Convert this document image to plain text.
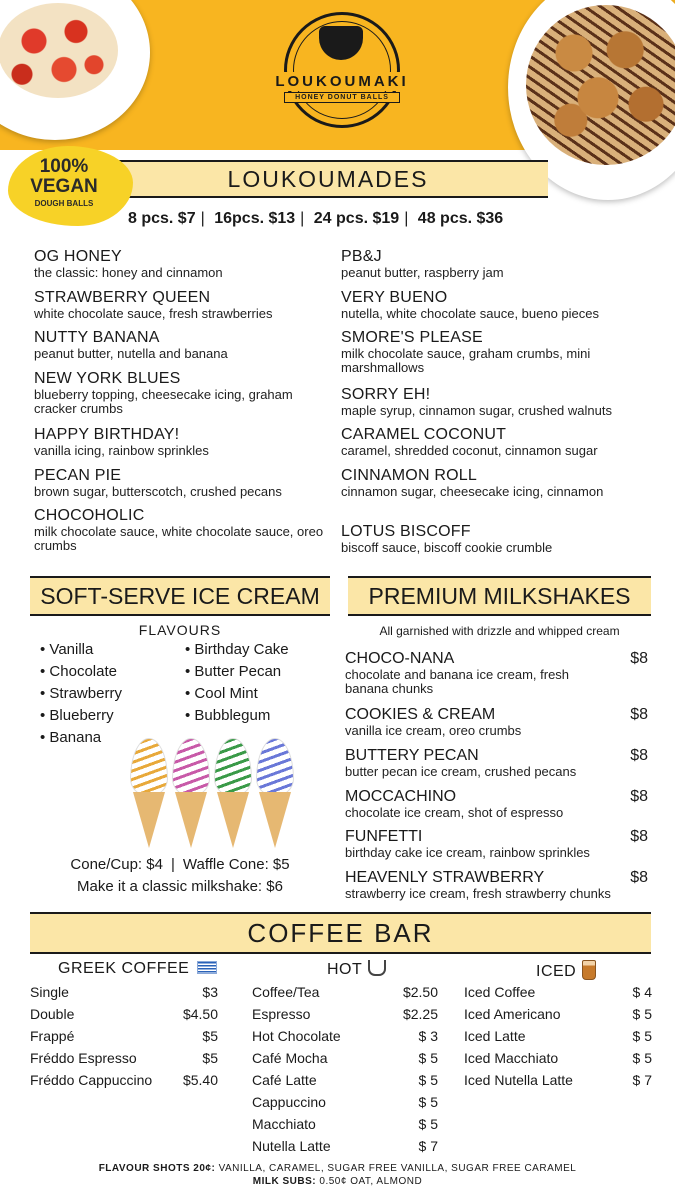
LOUKOUMAKI
HONEY DONUT BALLS
100%
VEGAN
DOUGH BALLS
LOUKOUMADES
8 pcs. $7 | 16pcs. $13 | 24 pcs. $19 | 48 pcs. $36
OG HONEY
the classic: honey and cinnamon
STRAWBERRY QUEEN
white chocolate sauce, fresh strawberries
NUTTY BANANA
peanut butter, nutella and banana
NEW YORK BLUES
blueberry topping, cheesecake icing, graham cracker crumbs
HAPPY BIRTHDAY!
vanilla icing, rainbow sprinkles
PECAN PIE
brown sugar, butterscotch, crushed pecans
CHOCOHOLIC
milk chocolate sauce, white chocolate sauce, oreo crumbs
PB&J
peanut butter, raspberry jam
VERY BUENO
nutella, white chocolate sauce, bueno pieces
SMORE'S PLEASE
milk chocolate sauce, graham crumbs, mini marshmallows
SORRY EH!
maple syrup, cinnamon sugar, crushed walnuts
CARAMEL COCONUT
caramel, shredded coconut, cinnamon sugar
CINNAMON ROLL
cinnamon sugar, cheesecake icing, cinnamon
LOTUS BISCOFF
biscoff sauce, biscoff cookie crumble
SOFT-SERVE ICE CREAM
FLAVOURS
• Vanilla
• Chocolate
• Strawberry
• Blueberry
• Banana
• Birthday Cake
• Butter Pecan
• Cool Mint
• Bubblegum
Cone/Cup: $4 | Waffle Cone: $5
Make it a classic milkshake: $6
PREMIUM MILKSHAKES
All garnished with drizzle and whipped cream
CHOCO-NANA	$8
chocolate and banana ice cream, fresh banana chunks
COOKIES & CREAM	$8
vanilla ice cream, oreo crumbs
BUTTERY PECAN	$8
butter pecan ice cream, crushed pecans
MOCCACHINO	$8
chocolate ice cream, shot of espresso
FUNFETTI	$8
birthday cake ice cream, rainbow sprinkles
HEAVENLY STRAWBERRY	$8
strawberry ice cream, fresh strawberry chunks
COFFEE BAR
GREEK COFFEE	HOT	ICED
Single	$3
Double	$4.50
Frappé	$5
Fréddo Espresso	$5
Fréddo Cappuccino $5.40
Coffee/Tea	$2.50
Espresso	$2.25
Hot Chocolate	$ 3
Café Mocha	$ 5
Café Latte	$ 5
Cappuccino	$ 5
Macchiato	$ 5
Nutella Latte	$ 7
Iced Coffee	$ 4
Iced Americano	$ 5
Iced Latte	$ 5
Iced Macchiato	$ 5
Iced Nutella Latte	$ 7
FLAVOUR SHOTS 20¢: VANILLA, CARAMEL, SUGAR FREE VANILLA, SUGAR FREE CARAMEL
MILK SUBS: 0.50¢ OAT, ALMOND
